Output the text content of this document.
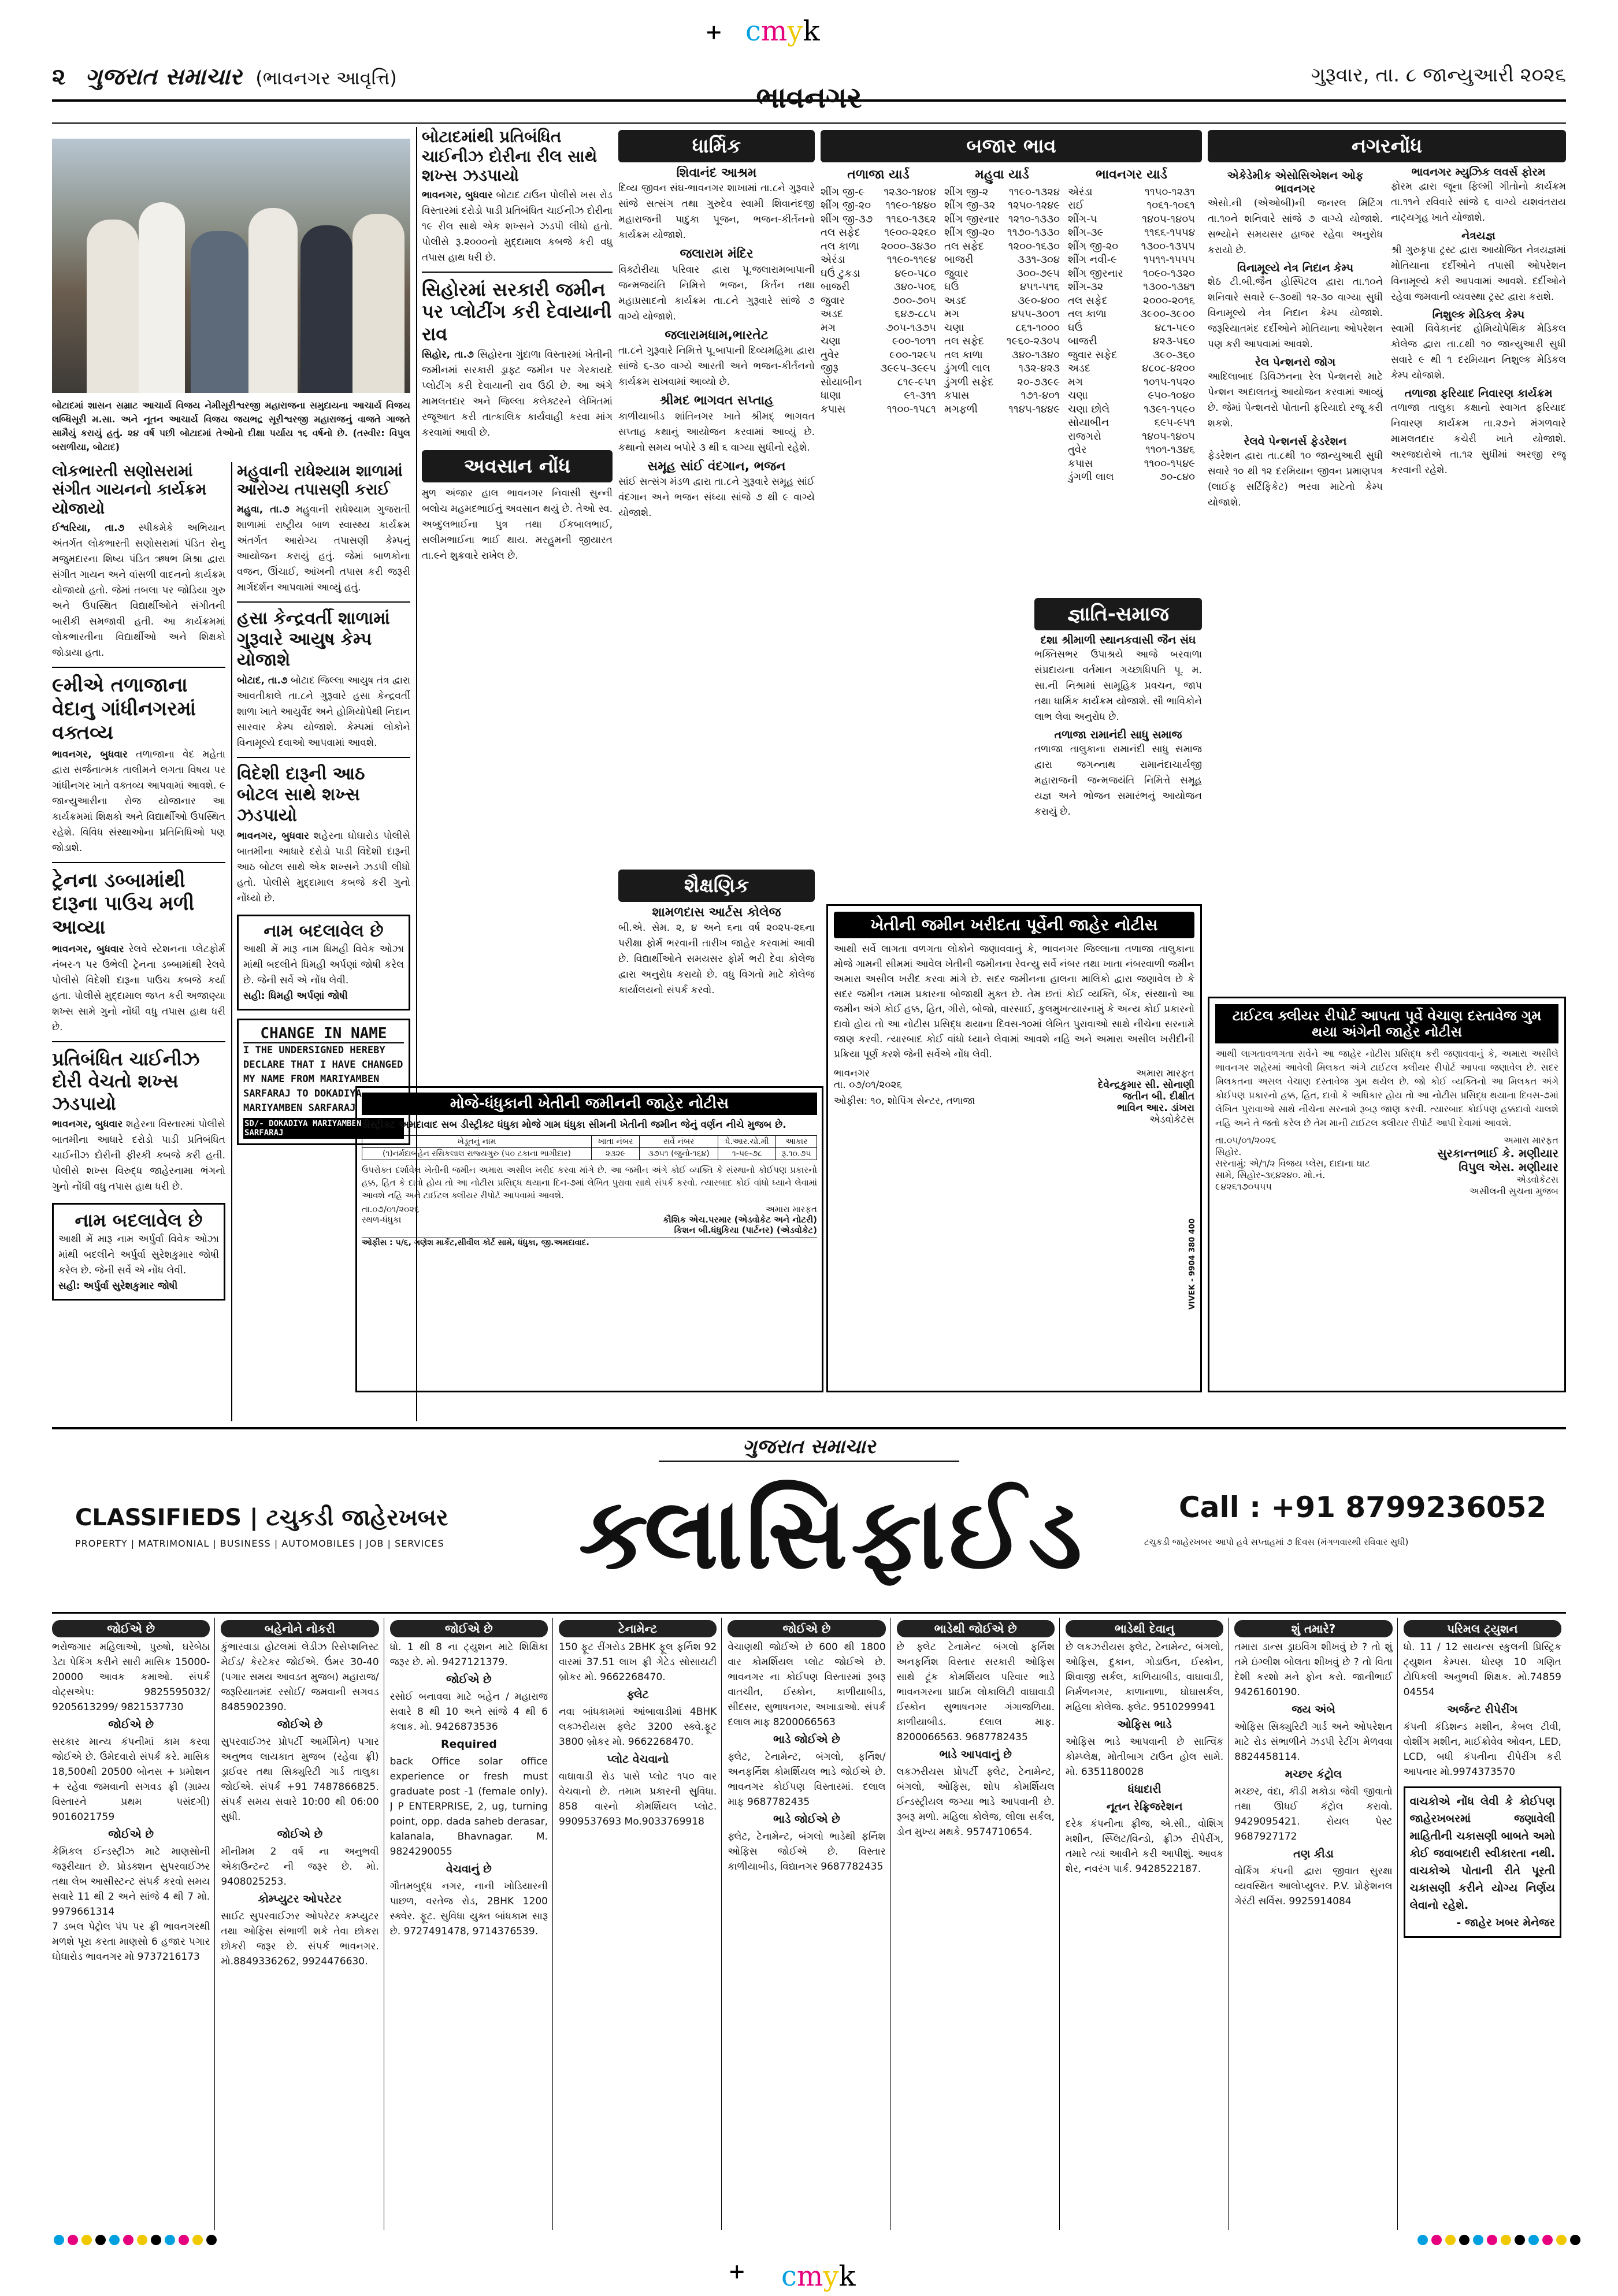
+ cmyk
+ cmyk
૨ ગુજરાત સમાચાર (ભાવનગર આવૃત્તિ)	ગુરૂવાર, તા. ૮ જાન્યુઆરી ૨૦૨૬
ભાવનગર
બોટાદમાં શાસન સમ્રાટ આચાર્ય વિજય નેમીસૂરીશ્વરજી મહારાજના સમુદાયના આચાર્ય વિજય લબ્ધિસૂરી મ.સા. અને નૂતન આચાર્ય વિજય જયભદ્ર સૂરીશ્વરજી મહારાજનું વાજતે ગાજતે સામૈયું કરાયું હતું. ૨૪ વર્ષ પછી બોટાદમાં તેઓનો દીક્ષા પર્યાય ૧૬ વર્ષનો છે. (તસ્વીર: વિપુલ બરાળીયા, બોટાદ)
લોકભારતી સણોસરામાં સંગીત ગાયનનો કાર્યક્રમ યોજાયો
ઈશ્વરિયા, તા.૭ સ્પીકમેકે અભિયાન અંતર્ગત લોકભારતી સણોસરામાં પંડિત રોનુ મજુમદારના શિષ્ય પંડિત ઋષભ મિશ્રા દ્વારા સંગીત ગાયન અને વાંસળી વાદનનો કાર્યક્રમ યોજાયો હતો. જેમાં તબલા પર જોડિયા ગુરુ અને ઉપસ્થિત વિદ્યાર્થીઓને સંગીતની બારીકી સમજાવી હતી. આ કાર્યક્રમમાં લોકભારતીના વિદ્યાર્થીઓ અને શિક્ષકો જોડાયા હતા.
૯મીએ તળાજાના વેદાનુ ગાંધીનગરમાં વક્તવ્ય
ભાવનગર, બુધવાર તળાજાના વેદ મહેતા દ્વારા સર્જનાત્મક તાલીમને લગતા વિષય પર ગાંધીનગર ખાતે વક્તવ્ય આપવામાં આવશે. ૯ જાન્યુઆરીના રોજ યોજાનાર આ કાર્યક્રમમાં શિક્ષકો અને વિદ્યાર્થીઓ ઉપસ્થિત રહેશે. વિવિધ સંસ્થાઓના પ્રતિનિધિઓ પણ જોડાશે.
ટ્રેનના ડબ્બામાંથી દારૂના પાઉચ મળી આવ્યા
ભાવનગર, બુધવાર રેલવે સ્ટેશનના પ્લેટફોર્મ નંબર-૧ પર ઉભેલી ટ્રેનના ડબ્બામાંથી રેલવે પોલીસે વિદેશી દારૂના પાઉચ કબજે કર્યા હતા. પોલીસે મુદ્દામાલ જપ્ત કરી અજાણ્યા શખ્સ સામે ગુનો નોંધી વધુ તપાસ હાથ ધરી છે.
પ્રતિબંધિત ચાઈનીઝ દોરી વેચતો શખ્સ ઝડપાયો
ભાવનગર, બુધવાર શહેરના વિસ્તારમાં પોલીસે બાતમીના આધારે દરોડો પાડી પ્રતિબંધિત ચાઈનીઝ દોરીની ફીરકી કબજે કરી હતી. પોલીસે શખ્સ વિરુદ્ધ જાહેરનામા ભંગનો ગુનો નોંધી વધુ તપાસ હાથ ધરી છે.
નામ બદલાવેલ છે
આથી મેં મારૂ નામ અર્પુર્વા વિવેક ઓઝા માંથી બદલીને અર્પુર્વા સુરેશકુમાર જોષી કરેલ છે. જેની સર્વે એ નોંધ લેવી.
સહી: અર્પુર્વા સુરેશકુમાર જોષી
મહુવાની રાધેશ્યામ શાળામાં આરોગ્ય તપાસણી કરાઈ
મહુવા, તા.૭ મહુવાની રાધેશ્યામ ગુજરાતી શાળામાં રાષ્ટ્રીય બાળ સ્વાસ્થ્ય કાર્યક્રમ અંતર્ગત આરોગ્ય તપાસણી કેમ્પનું આયોજન કરાયું હતું. જેમાં બાળકોના વજન, ઊંચાઈ, આંખની તપાસ કરી જરૂરી માર્ગદર્શન આપવામાં આવ્યું હતું.
હસા કેન્દ્રવર્તી શાળામાં ગુરૂવારે આયુષ કેમ્પ યોજાશે
બોટાદ, તા.૭ બોટાદ જિલ્લા આયુષ તંત્ર દ્વારા આવતીકાલે તા.૮ને ગુરૂવારે હસા કેન્દ્રવર્તી શાળા ખાતે આયુર્વેદ અને હોમિયોપેથી નિદાન સારવાર કેમ્પ યોજાશે. કેમ્પમાં લોકોને વિનામૂલ્યે દવાઓ આપવામાં આવશે.
વિદેશી દારૂની આઠ બોટલ સાથે શખ્સ ઝડપાયો
ભાવનગર, બુધવાર શહેરના ઘોઘારોડ પોલીસે બાતમીના આધારે દરોડો પાડી વિદેશી દારૂની આઠ બોટલ સાથે એક શખ્સને ઝડપી લીધો હતો. પોલીસે મુદ્દામાલ કબજે કરી ગુનો નોંધ્યો છે.
નામ બદલાવેલ છે
આથી મેં મારૂ નામ ધિમહી વિવેક ઓઝા માંથી બદલીને ધિમહી અર્પણાં જોષી કરેલ છે. જેની સર્વે એ નોંધ લેવી.
સહી: ધિમહી અર્પણાં જોષી
CHANGE IN NAME
I THE UNDERSIGNED HEREBY DECLARE THAT I HAVE CHANGED MY NAME FROM MARIYAMBEN SARFARAJ TO DOKADIYA MARIYAMBEN SARFARAJ
SD/- DOKADIYA MARIYAMBEN SARFARAJ
બોટાદમાંથી પ્રતિબંધિત ચાઈનીઝ દોરીના રીલ સાથે શખ્સ ઝડપાયો
ભાવનગર, બુધવાર બોટાદ ટાઉન પોલીસે ખસ રોડ વિસ્તારમાં દરોડો પાડી પ્રતિબંધિત ચાઈનીઝ દોરીના ૧૯ રીલ સાથે એક શખ્સને ઝડપી લીધો હતો. પોલીસે રૂ.૨૦૦૦નો મુદ્દામાલ કબજે કરી વધુ તપાસ હાથ ધરી છે.
સિહોરમાં સરકારી જમીન પર પ્લોટીંગ કરી દેવાયાની રાવ
સિહોર, તા.૭ સિહોરના ગુંદાળા વિસ્તારમાં ખેતીની જમીનમાં સરકારી ડ્રાફ્ટ જમીન પર ગેરકાયદે પ્લોટીંગ કરી દેવાયાની રાવ ઉઠી છે. આ અંગે મામલતદાર અને જિલ્લા કલેક્ટરને લેખિતમાં રજૂઆત કરી તાત્કાલિક કાર્યવાહી કરવા માંગ કરવામાં આવી છે.
અવસાન નોંધ
મુળ અંજાર હાલ ભાવનગર નિવાસી સુન્ની બલોચ મહમદભાઈનું અવસાન થયું છે. તેઓ સ્વ. અબ્દુલભાઈના પુત્ર તથા ઈકબાલભાઈ, સલીમભાઈના ભાઈ થાય. મરહુમની જીયારત તા.૯ને શુક્રવારે રાખેલ છે.
મોજે-ધંધુકાની ખેતીની જમીનની જાહેર નોટીસ
ડીસ્ટ્રીક્ટ અમદાવાદ સબ ડીસ્ટ્રીક્ટ ધંધુકા મોજે ગામ ધંધુકા સીમની ખેતીની જમીન જેનું વર્ણન નીચે મુજબ છે.
ખેડૂતનું નામ	ખાતા નંબર	સર્વે નંબર	ધે.આર.ચો.મી	આકાર
(૧)નર્મદાબહેન રસિકલાલ રાજ્યગુરુ (૫૦ ટકાના ભાગીદાર)	૨૩૨૯	૩૭૫૧ (જુનો-૧૬૪)	૧-૫૯-૭૮	રૂ.૧૦.૭૫
ઉપરોક્ત દર્શાવેલ ખેતીની જમીન અમારા અસીલ ખરીદ કરવા માંગે છે. આ જમીન અંગે કોઈ વ્યક્તિ કે સંસ્થાનો કોઈપણ પ્રકારનો હક્ક, હિત કે દાવો હોય તો આ નોટીસ પ્રસિદ્ધ થયાના દિન-૭માં લેખિત પુરાવા સાથે સંપર્ક કરવો. ત્યારબાદ કોઈ વાંધો ધ્યાને લેવામાં આવશે નહિ અને ટાઈટલ ક્લીયર રીપોર્ટ આપવામાં આવશે.
તા.૦૭/૦૧/૨૦૨૬
સ્થળ-ધંધુકા
અમારા મારફત
કૌશિક એચ.પરમાર (એડવોકેટ અને નોટરી)
કિશન બી.ધંધુકિયા (પાર્ટનર) (એડવોકેટ)
ઓફીસ : ૫/૬, ગણેશ માર્કેટ,સીવીલ કોર્ટ સામે, ધંધુકા, જી.અમદાવાદ.
ધાર્મિક
શિવાનંદ આશ્રમ
દિવ્ય જીવન સંઘ-ભાવનગર શાખામાં તા.૮ને ગુરૂવારે સાંજે સત્સંગ તથા ગુરુદેવ સ્વામી શિવાનંદજી મહારાજની પાદુકા પૂજન, ભજન-કીર્તનનો કાર્યક્રમ યોજાશે.
જલારામ મંદિર
વિક્ટોરીયા પરિવાર દ્વારા પૂ.જલારામબાપાની જન્મજયંતિ નિમિત્તે ભજન, કિર્તન તથા મહાપ્રસાદનો કાર્યક્રમ તા.૮ને ગુરૂવારે સાંજે ૭ વાગ્યે યોજાશે.
જલારામધામ,ભારતેટ
તા.૮ને ગુરૂવારે નિમિત્તે પૂ.બાપાની દિવ્યમહિમા દ્વારા સાંજે ૬-૩૦ વાગ્યે આરતી અને ભજન-કીર્તનનો કાર્યક્રમ રાખવામાં આવ્યો છે.
શ્રીમદ ભાગવત સપ્તાહ
કાળીયાબીડ શાંતિનગર ખાતે શ્રીમદ્ ભાગવત સપ્તાહ કથાનું આયોજન કરવામાં આવ્યું છે. કથાનો સમય બપોરે ૩ થી ૬ વાગ્યા સુધીનો રહેશે.
સમૂહ સાંઈ વંદગાન, ભજન
સાંઈ સત્સંગ મંડળ દ્વારા તા.૮ને ગુરૂવારે સમૂહ સાંઈ વંદગાન અને ભજન સંધ્યા સાંજે ૭ થી ૯ વાગ્યે યોજાશે.
શૈક્ષણિક
શામળદાસ આર્ટસ કોલેજ
બી.એ. સેમ. ૨, ૪ અને ૬ના વર્ષ ૨૦૨૫-૨૬ના પરીક્ષા ફોર્મ ભરવાની તારીખ જાહેર કરવામાં આવી છે. વિદ્યાર્થીઓને સમયસર ફોર્મ ભરી દેવા કોલેજ દ્વારા અનુરોધ કરાયો છે. વધુ વિગતો માટે કોલેજ કાર્યાલયનો સંપર્ક કરવો.
બજાર ભાવ
તળાજા યાર્ડ
શીંગ જી-૯ ૧૨૩૦-૧૪૦૪
શીંગ જી-૨૦ ૧૧૯૦-૧૪૪૦
શીંગ જી-૩૭ ૧૧૬૦-૧૩૬૨
તલ સફેદ ૧૯૦૦-૨૨૬૦
તલ કાળા ૨૦૦૦-૩૪૩૦
એરંડા	૧૧૯૦-૧૧૯૪
ઘઉં ટુકડા	૪૯૦-૫૮૦
બાજરી	૩૪૦-૫૦૬
જુવાર	૭૦૦-૭૦૫
અડદ	૬૪૭-૮૮૫
મગ	૭૦૫-૧૩૭૫
ચણા	૯૦૦-૧૦૧૧
તુવેર	૯૦૦-૧૨૯૫
જીરૂ	૩૯૯૫-૩૯૯૫
સોયાબીન	૮૧૯-૯૫૧
ધાણા	૯૧-૩૧૧
કપાસ	૧૧૦૦-૧૫૮૧
મહુવા યાર્ડ
શીંગ જી-૨ ૧૧૯૦-૧૩૨૪
શીંગ જી-૩૨ ૧૨૫૦-૧૨૪૯
શીંગ જીરનાર ૧૨૧૦-૧૩૩૦
શીંગ જી-૨૦ ૧૧૭૦-૧૩૩૦
તલ સફેદ ૧૨૦૦-૧૬૩૦
બાજરી	૩૩૧-૩૦૪
જુવાર	૩૦૦-૭૯૫
ઘઉં	૪૫૧-૫૧૬
અડદ	૩૯૦-૪૦૦
મગ	૪૫૫-૩૦૦૧
ચણા	૮૬૧-૧૦૦૦
તલ સફેદ ૧૯૬૦-૨૩૦૫
તલ કાળા	૩૪૦-૧૩૪૦
ડુંગળી લાલ	૧૩૨-૪૨૩
ડુંગળી સફેદ ૨૦-૭૩૯૯
કપાસ	૧૭૧-૪૦૧
મગફળી	૧૧૪૫-૧૪૪૯
ભાવનગર યાર્ડ
એરંડા	૧૧૫૦-૧૨૩૧
રાઈ	૧૦૬૧-૧૦૬૧
શીંગ-૫	૧૪૦૫-૧૪૦૫
શીંગ-૩૯	૧૧૬૬-૧૫૫૪
શીંગ જી-૨૦ ૧૩૦૦-૧૩૫૫
શીંગ નવી-૯	૧૫૧૧-૧૫૫૫
શીંગ જીરનાર ૧૦૯૦-૧૩૨૦
શીંગ-૩૨	૧૩૦૦-૧૩૪૧
તલ સફેદ	૨૦૦૦-૨૦૧૬
તલ કાળા	૩૯૦૦-૩૯૦૦
ઘઉં	૪૮૧-૫૯૦
બાજરી	૪૨૩-૫૬૦
જુવાર સફેદ	૩૯૦-૩૬૦
અડદ	૪૮૦૮-૪૨૦૦
મગ	૧૦૧૫-૧૫૨૦
ચણા	૯૫૦-૧૦૪૦
ચણા છોલે	૧૩૯૧-૧૫૯૦
સોયાબીન	૬૯૫-૯૫૧
રાજગરો	૧૪૦૫-૧૪૦૫
તુવેર	૧૧૦૧-૧૩૪૬
કપાસ	૧૧૦૦-૧૫૪૯
ડુંગળી લાલ	૭૦-૮૪૦
જ્ઞાતિ-સમાજ
દશા શ્રીમાળી સ્થાનકવાસી જૈન સંઘ
ભક્તિસભર ઉપાશ્રયે આજે બરવાળા સંપ્રદાયના વર્તમાન ગચ્છાધિપતિ પૂ. મ. સા.ની નિશ્રામાં સામૂહિક પ્રવચન, જાપ તથા ધાર્મિક કાર્યક્રમ યોજાશે. સૌ ભાવિકોને લાભ લેવા અનુરોધ છે.
તળાજા રામાનંદી સાધુ સમાજ
તળાજા તાલુકાના રામાનંદી સાધુ સમાજ દ્વારા જગન્નાથ રામાનંદાચાર્યજી મહારાજની જન્મજયંતિ નિમિત્તે સમૂહ યજ્ઞ અને ભોજન સમારંભનું આયોજન કરાયું છે.
ખેતીની જમીન ખરીદતા પૂર્વેની જાહેર નોટીસ
આથી સર્વે લાગતા વળગતા લોકોને જણાવવાનું કે, ભાવનગર જિલ્લાના તળાજા તાલુકાના મોજે ગામની સીમમાં આવેલ ખેતીની જમીનના રેવન્યુ સર્વે નંબર તથા ખાતા નંબરવાળી જમીન અમારા અસીલ ખરીદ કરવા માંગે છે. સદર જમીનના હાલના માલિકો દ્વારા જણાવેલ છે કે સદર જમીન તમામ પ્રકારના બોજાથી મુક્ત છે. તેમ છતાં કોઈ વ્યક્તિ, બેંક, સંસ્થાનો આ જમીન અંગે કોઈ હક્ક, હિત, ગીરો, બોજો, વારસાઈ, કુલમુખત્યારનામું કે અન્ય કોઈ પ્રકારનો દાવો હોય તો આ નોટીસ પ્રસિદ્ધ થયાના દિવસ-૧૦માં લેખિત પુરાવાઓ સાથે નીચેના સરનામે જાણ કરવી. ત્યારબાદ કોઈ વાંધો ધ્યાને લેવામાં આવશે નહિ અને અમારા અસીલ ખરીદીની પ્રક્રિયા પૂર્ણ કરશે જેની સર્વેએ નોંધ લેવી.
ભાવનગર
તા. ૦૭/૦૧/૨૦૨૬
ઓફીસ: ૧૦, શોપિંગ સેન્ટર, તળાજા
અમારા મારફત
દેવેન્દ્રકુમાર સી. સોનાણી
જતીન બી. દીક્ષીત
ભાવિન આર. ડાંખરા
એડવોકેટસ
VIVEK - 9904 380 400
નગરનોંધ
એકેડેમીક એસોસિએશન ઓફ ભાવનગર
એસો.ની (એઓબી)ની જનરલ મિટિંગ તા.૧૦ને શનિવારે સાંજે ૭ વાગ્યે યોજાશે. સભ્યોને સમયસર હાજર રહેવા અનુરોધ કરાયો છે.
વિનામૂલ્યે નેત્ર નિદાન કેમ્પ
શેઠ ટી.બી.જૈન હોસ્પિટલ દ્વારા તા.૧૦ને શનિવારે સવારે ૯-૩૦થી ૧૨-૩૦ વાગ્યા સુધી વિનામૂલ્યે નેત્ર નિદાન કેમ્પ યોજાશે. જરૂરિયાતમંદ દર્દીઓને મોતિયાના ઓપરેશન પણ કરી આપવામાં આવશે.
રેલ પેન્શનરો જોગ
આદિલાબાદ ડિવિઝનના રેલ પેન્શનરો માટે પેન્શન અદાલતનું આયોજન કરવામાં આવ્યું છે. જેમાં પેન્શનરો પોતાની ફરિયાદો રજૂ કરી શકશે.
રેલવે પેન્શનર્સ ફેડરેશન
ફેડરેશન દ્વારા તા.૮થી ૧૦ જાન્યુઆરી સુધી સવારે ૧૦ થી ૧૨ દરમિયાન જીવન પ્રમાણપત્ર (લાઈફ સર્ટિફિકેટ) ભરવા માટેનો કેમ્પ યોજાશે.
ભાવનગર મ્યુઝિક લવર્સ ફોરમ
ફોરમ દ્વારા જૂના ફિલ્મી ગીતોનો કાર્યક્રમ તા.૧૧ને રવિવારે સાંજે ૬ વાગ્યે યશવંતરાય નાટ્યગૃહ ખાતે યોજાશે.
નેત્રયજ્ઞ
શ્રી ગુરુકૃપા ટ્રસ્ટ દ્વારા આયોજિત નેત્રયજ્ઞમાં મોતિયાના દર્દીઓને તપાસી ઓપરેશન વિનામૂલ્યે કરી આપવામાં આવશે. દર્દીઓને રહેવા જમવાની વ્યવસ્થા ટ્રસ્ટ દ્વારા કરાશે.
નિશુલ્ક મેડિકલ કેમ્પ
સ્વામી વિવેકાનંદ હોમિયોપેથિક મેડિકલ કોલેજ દ્વારા તા.૮થી ૧૦ જાન્યુઆરી સુધી સવારે ૯ થી ૧ દરમિયાન નિશુલ્ક મેડિકલ કેમ્પ યોજાશે.
તળાજા ફરિયાદ નિવારણ કાર્યક્રમ
તળાજા તાલુકા કક્ષાનો સ્વાગત ફરિયાદ નિવારણ કાર્યક્રમ તા.૨૭ને મંગળવારે મામલતદાર કચેરી ખાતે યોજાશે. અરજદારોએ તા.૧૨ સુધીમાં અરજી રજૂ કરવાની રહેશે.
ટાઈટલ ક્લીયર રીપોર્ટ આપતા પૂર્વે વેચાણ દસ્તાવેજ ગુમ થયા અંગેની જાહેર નોટીસ
આથી લાગતાવળગતા સર્વેને આ જાહેર નોટીસ પ્રસિદ્ધ કરી જણાવવાનું કે, અમારા અસીલે ભાવનગર શહેરમાં આવેલી મિલકત અંગે ટાઈટલ ક્લીયર રીપોર્ટ આપવા જણાવેલ છે. સદર મિલકતના અસલ વેચાણ દસ્તાવેજ ગુમ થયેલ છે. જો કોઈ વ્યક્તિનો આ મિલકત અંગે કોઈપણ પ્રકારનો હક્ક, હિત, દાવો કે અધિકાર હોય તો આ નોટીસ પ્રસિદ્ધ થયાના દિવસ-૭માં લેખિત પુરાવાઓ સાથે નીચેના સરનામે રૂબરૂ જાણ કરવી. ત્યારબાદ કોઈપણ હક્કદાવો ચાલશે નહિ અને તે જતો કરેલ છે તેમ માની ટાઈટલ ક્લીયર રીપોર્ટ આપી દેવામાં આવશે.
તા.૦૫/૦૧/૨૦૨૬
સિહોર.
સરનામું: એ/૧/૨ વિજય પ્લેસ, દાદાના ઘાટ સામે, સિહોર-૩૬૪૨૪૦. મો.નં. ૯૪૨૬૧૭૦૫૫૫
અમારા મારફત
સુરકાન્તભાઈ કે. મણીયાર
વિપુલ એસ. મણીયાર
એડવોકેટસ
અસીલની સુચના મુજબ
ગુજરાત સમાચાર
CLASSIFIEDS | ટચુકડી જાહેરખબર
PROPERTY | MATRIMONIAL | BUSINESS | AUTOMOBILES | JOB | SERVICES	ક્લાસિફાઈડ	Call : +91 8799236052
ટચુકડી જાહેરખબર આપો હવે સપ્તાહમાં ૭ દિવસ (મંગળવારથી રવિવાર સુધી)
જોઈએ છે
ભરોજગાર મહિલાઓ, પુરુષો, ઘરેબેઠા ડેટા પેકિંગ કરીને સારી માસિક 15000- 20000 આવક કમાઓ. સંપર્ક વોટ્સએપ: 9825595032/ 9205613299/ 9821537730
જોઈએ છે
સરકાર માન્ય કંપનીમાં કામ કરવા જોઈએ છે. ઉમેદવારો સંપર્ક કરે. માસિક 18,500થી 20500 બોનસ + પ્રમોશન + રહેવા જમવાની સગવડ ફ્રી (ગ્રામ્ય વિસ્તારને પ્રથમ પસંદગી) 9016021759
જોઈએ છે
કેમિકલ ઈન્ડસ્ટ્રીઝ માટે માણસોની જરૂરીયાત છે. પ્રોડક્શન સુપરવાઈઝર તથા લેબ આસીસ્ટન્ટ સંપર્ક કરવો સમય સવારે 11 થી 2 અને સાંજે 4 થી 7 મો. 9979661314
7 ડબલ પેટ્રોલ પંપ પર ફ્રી ભાવનગરથી મળશે પૂરા કરતા માણસો 6 હજાર પગાર ઘોઘારોડ ભાવનગર મો 9737216173
બહેનોને નોકરી
કુંભારવાડા હોટલમાં લેડીઝ રિસેપ્શનિસ્ટ મેઈડ/ કેરટેકર જોઈએ. ઉંમર 30-40 (પગાર સમય આવડત મુજબ) મહારાજ/ જરૂરિયાતમંદ રસોઈ/ જમવાની સગવડ 8485902390.
જોઈએ છે
સુપરવાઈઝર પ્રોપર્ટી આર્મીમેન) પગાર અનુભવ લાયકાત મુજબ (રહેવા ફ્રી) ડ્રાઈવર તથા સિક્યુરિટી ગાર્ડ તાલુકા જોઈએ. સંપર્ક +91 7487866825. સંપર્ક સમય સવારે 10:00 થી 06:00 સુધી.
જોઈએ છે
મીનીમમ 2 વર્ષ ના અનુભવી એકાઉન્ટન્ટ ની જરૂર છે. મો. 9408025253.
કોમ્પ્યુટર ઓપરેટર
સાઈટ સુપરવાઈઝર ઓપરેટર કમ્પ્યુટર તથા ઓફિસ સંભાળી શકે તેવા છોકરા છોકરી જરૂર છે. સંપર્ક ભાવનગર. મો.8849336262, 9924476630.
જોઈએ છે
ધો. 1 થી 8 ના ટ્યુશન માટે શિક્ષિકા જરૂર છે. મો. 9427121379.
જોઈએ છે
રસોઈ બનાવવા માટે બહેન / મહારાજ સવારે 8 થી 10 અને સાંજે 4 થી 6 કલાક. મો. 9426873536
Required
back Office solar office experience or fresh must graduate post -1 (female only). J P ENTERPRISE, 2, ug, turning point, opp. dada saheb derasar, kalanala, Bhavnagar. M. 9824290055
વેચવાનું છે
ગૌતમબુદ્ધ નગર, નાની ખોડિયારની પાછળ, વરતેજ રોડ, 2BHK 1200 સ્ક્વેર. ફૂટ. સુવિધા યુક્ત બાંધકામ સારૂ છે. 9727491478, 9714376539.
ટેનામેન્ટ
150 ફૂટ રીંગરોડ 2BHK ફૂલ ફર્નિશ 92 વારમાં 37.51 લાખ ફ્રી ગેટેડ સોસાયટી બ્રોકર મો. 9662268470.
ફ્લેટ
નવા બાંધકામમાં આંબાવાડીમાં 4BHK લક્ઝરીયસ ફ્લેટ 3200 સ્ક્વે.ફૂટ 3800 બ્રોકર મો. 9662268470.
પ્લોટ વેચવાનો
વાઘાવાડી રોડ પાસે પ્લોટ ૧૫૦ વાર વેચવાનો છે. તમામ પ્રકારની સુવિધા. 858 વારનો કોમર્શિયલ પ્લોટ. 9909537693 Mo.9033769918
જોઈએ છે
વેચાણથી જોઈએ છે 600 થી 1800 વાર કોમર્શિયલ પ્લોટ જોઈએ છે. ભાવનગર ના કોઈપણ વિસ્તારમાં રૂબરૂ વાતચીત, ઈસ્કોન, કાળીયાબીડ, સીદસર, સુભાષનગર, અખાડાઓ. સંપર્ક દલાલ માફ 8200066563
ભાડે જોઈએ છે
ફ્લેટ, ટેનામેન્ટ, બંગલો, ફર્નિશ/ અનફર્નિશ કોમર્શિયલ ભાડે જોઈએ છે. ભાવનગર કોઈપણ વિસ્તારમાં. દલાલ માફ 9687782435
ભાડે જોઈએ છે
ફ્લેટ, ટેનામેન્ટ, બંગલો ભાડેથી ફર્નિશ ઓફિસ જોઈએ છે. વિસ્તાર કાળીયાબીડ, વિદ્યાનગર 9687782435
ભાડેથી જોઈએ છે
છે ફ્લેટ ટેનામેન્ટ બંગલો ફર્નિશ અનફર્નિશ વિસ્તાર સરકારી ઓફિસ સાથે ટૂંક કોમર્શિયલ પરિવાર ભાડે ભાવનગરના પ્રાઈમ લોકાલિટી વાઘાવાડી ઈસ્કોન સુભાષનગર ગંગાજળિયા. કાળીયાબીડ. દલાલ માફ. 8200066563. 9687782435
ભાડે આપવાનું છે
લકઝરીયસ પ્રોપર્ટી ફ્લેટ, ટેનામેન્ટ, બંગલો, ઓફિસ, શોપ કોમર્શિયલ ઈન્ડસ્ટ્રીયલ જગ્યા ભાડે આપવાની છે. રૂબરૂ મળો. મહિલા કોલેજ, લીલા સર્કલ, ડોન મુખ્ય મથકે. 9574710654.
ભાડેથી દેવાનુ
છે લકઝરીયસ ફ્લેટ, ટેનામેન્ટ, બંગલો, ઓફિસ, દુકાન, ગોડાઉન, ઈસ્કોન, શિવાજી સર્કલ, કાળિયાબીડ, વાઘાવાડી, નિર્મળનગર, કાળાનાળા, ઘોઘાસર્કલ, મહિલા કોલેજ. ફ્લેટ. 9510299941
ઓફિસ ભાડે
ઓફિસ ભાડે આપવાની છે સાત્વિક કોમ્પ્લેક્ષ, મોતીબાગ ટાઉન હોલ સામે. મો. 6351180028
ધંધાદારી
નૂતન રેફ્રિજરેશન
દરેક કંપનીના ફ્રીજ, એ.સી., વોશિંગ મશીન, સ્પ્લિટ/વિન્ડો, ફ્રીઝ રીપેરીંગ, તમારે ત્યાં આવીને કરી આપીશું. આવક શેર, નવરંગ પાર્ક. 9428522187.
શું તમારે?
તમારા ડાન્સ ડ્રાઇવિંગ શીખવું છે ? તો શું તમે ઇંગ્લીશ બોલતા શીખવું છે ? તો વિતા દેશી કરશો મને ફોન કરો. જાનીભાઈ 9426160190.
જય અંબે
ઓફિસ સિક્યુરિટી ગાર્ડ અને ઓપરેશન માટે રોડ સંભાળીને ઝડપી રેટીંગ મેળવવા 8824458114.
મચ્છર કંટ્રોલ
મચ્છર, વંદા, કીડી મકોડા જેવી જીવાતો તથા ઊધઈ કંટ્રોલ કરાવો. 9429095421. રોયલ પેસ્ટ 9687927172
તણ કીડા
વોર્કિંગ કંપની દ્વારા જીવાત સુરક્ષા વ્યવસ્થિત આલોપ્યુલર. P.V. પ્રોફેશનલ ગેરંટી સર્વિસ. 9925914084
પરિમલ ટ્યુશન
ધો. 11 / 12 સાયન્સ સ્કુલની પ્રિસ્ટ્રિક ટ્યુશન કેમ્પસ. ધોરણ 10 ગણિત ટોપિકલી અનુભવી શિક્ષક. મો.74859 04554
અર્જન્ટ રીપેરીંગ
કંપની કંડિશન્ડ મશીન, કેબલ ટીવી, વોશીંગ મશીન, માઈક્રોવેવ ઓવન, LED, LCD, બધી કંપનીના રીપેરીંગ કરી આપનાર મો.9974373570
વાચકોએ નોંધ લેવી કે કોઈપણ જાહેરખબરમાં જણાવેલી માહિતીની ચકાસણી બાબતે અમો કોઈ જવાબદારી સ્વીકારતા નથી. વાચકોએ પોતાની રીતે પૂરતી ચકાસણી કરીને યોગ્ય નિર્ણય લેવાનો રહેશે.
- જાહેર ખબર મેનેજર
